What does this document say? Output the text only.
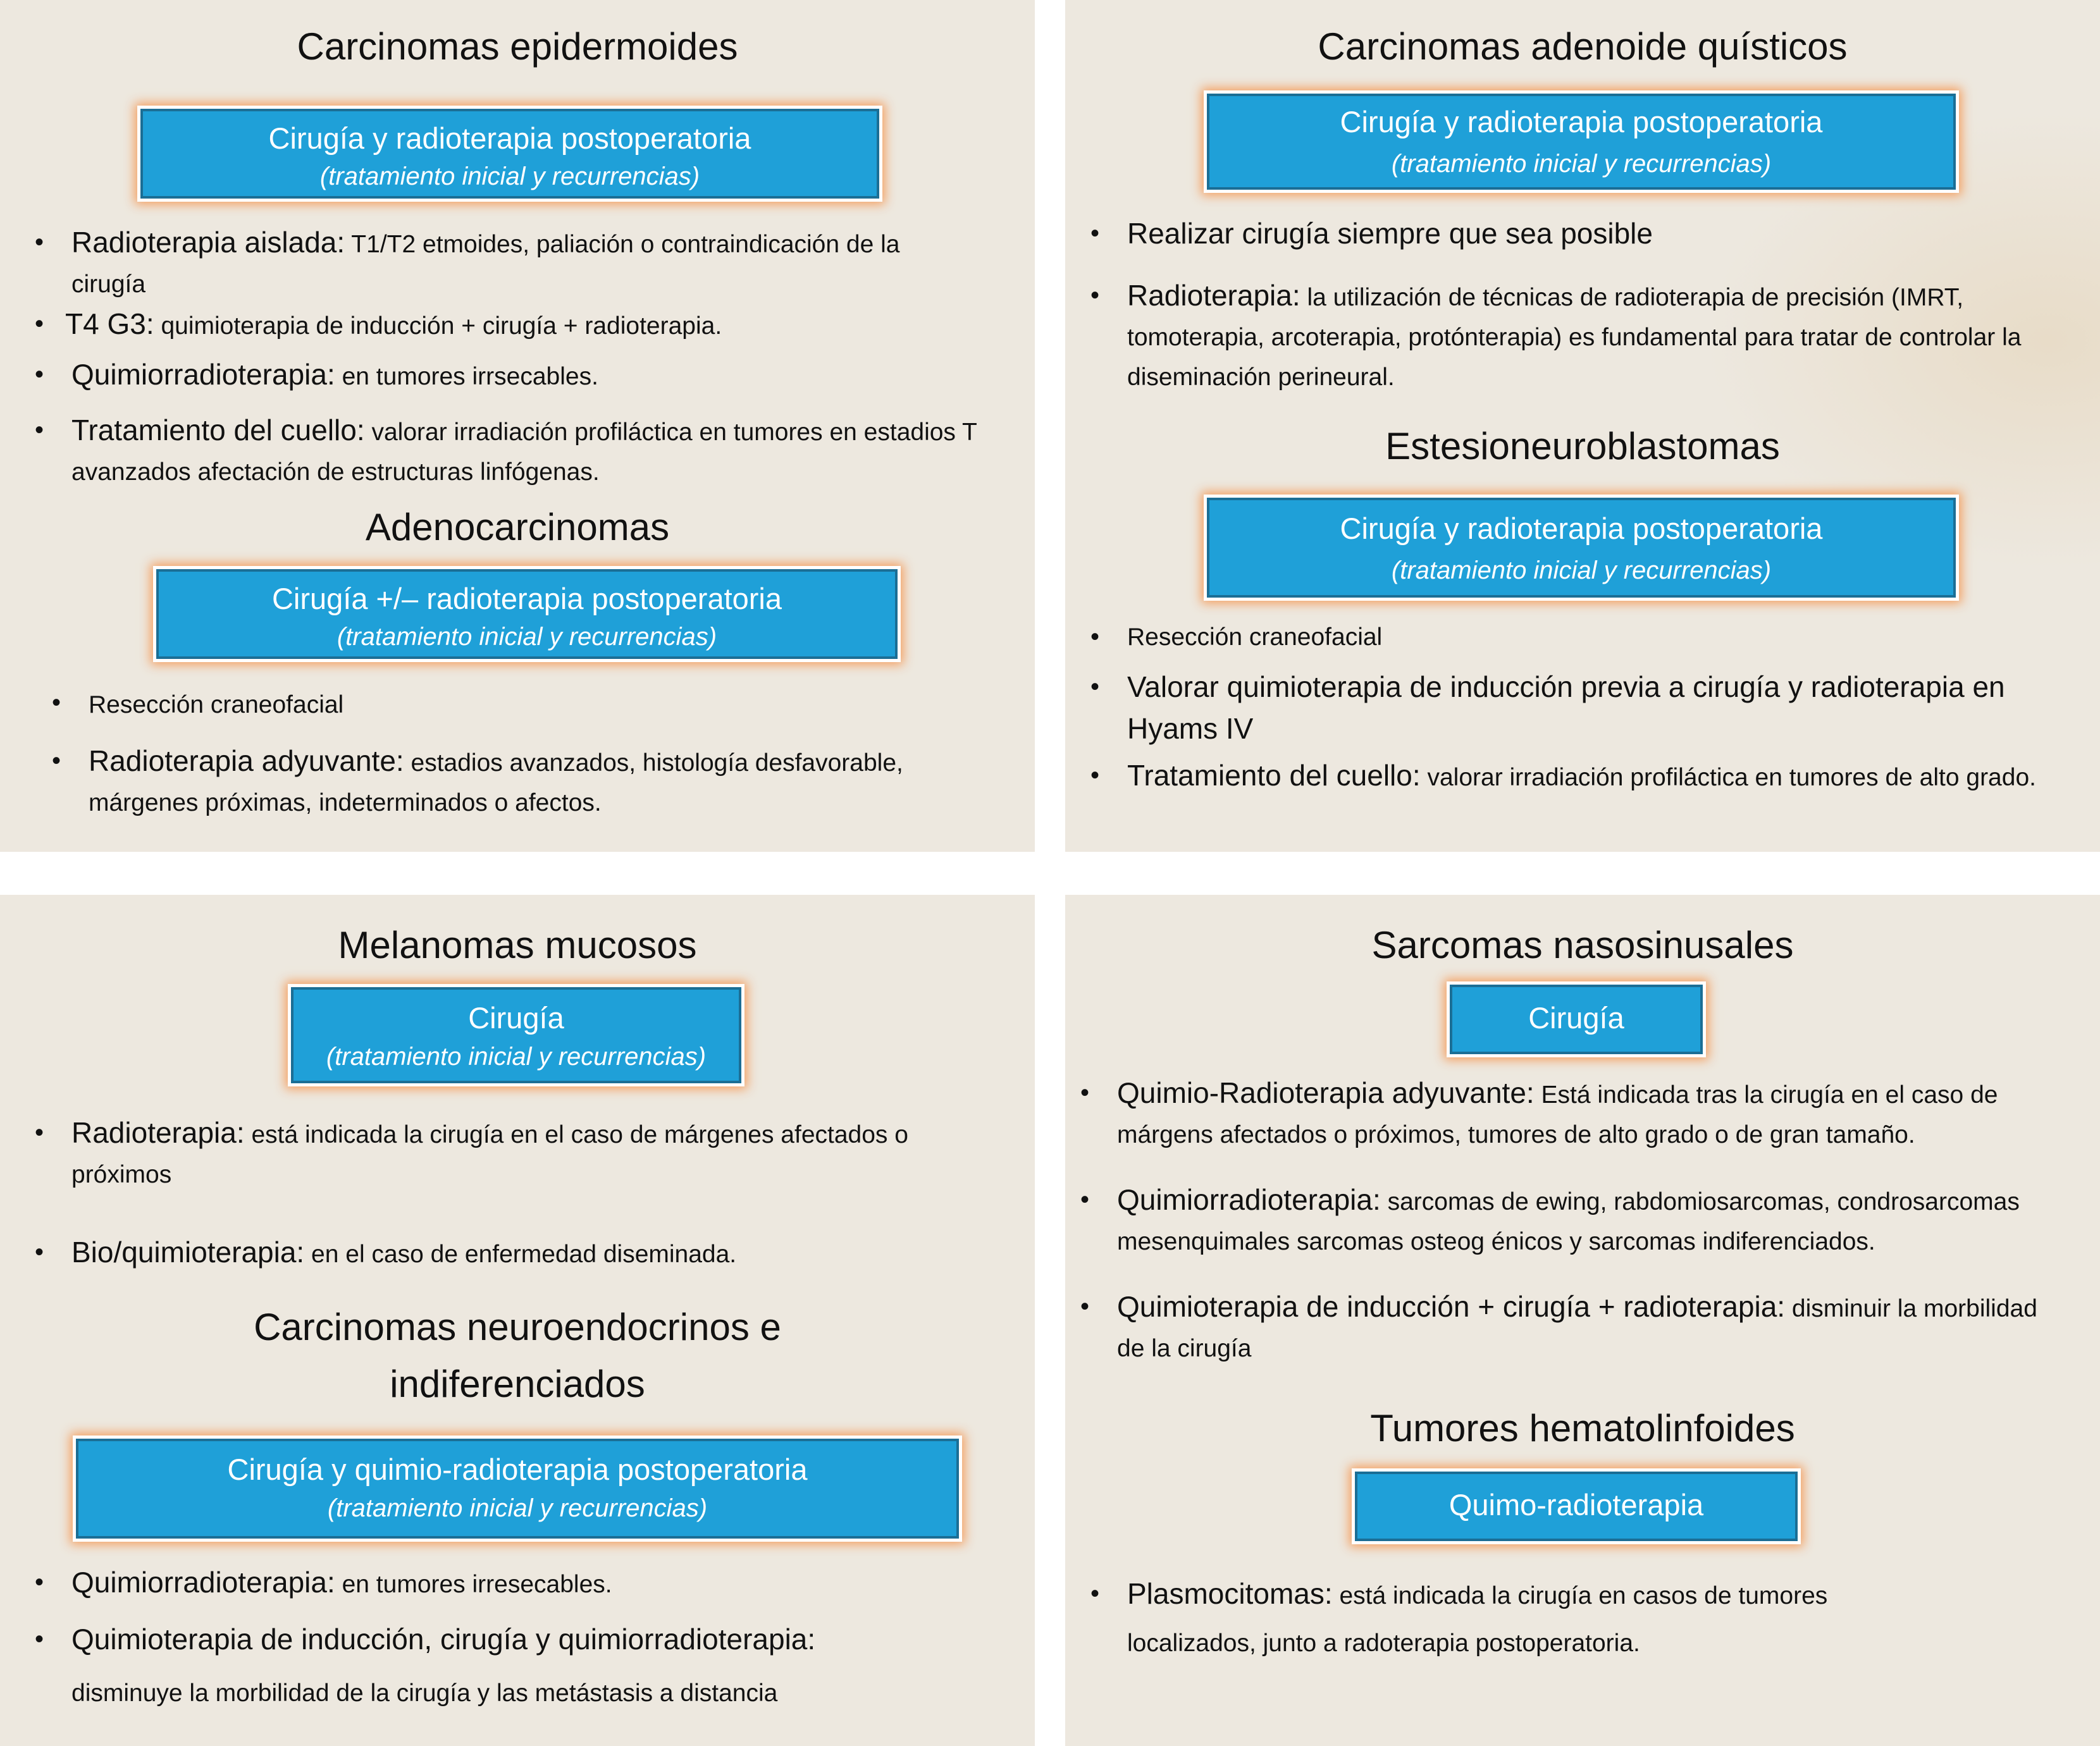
Carcinomas epidermoides
Cirugía y radioterapia postoperatoria
(tratamiento inicial y recurrencias)
• Radioterapia aislada: T1/T2 etmoides, paliación o contraindicación de la cirugía
• T4 G3: quimioterapia de inducción + cirugía + radioterapia.
• Quimiorradioterapia: en tumores irrsecables.
• Tratamiento del cuello: valorar irradiación profiláctica en tumores en estadios T avanzados afectación de estructuras linfógenas.
Adenocarcinomas
Cirugía +/– radioterapia postoperatoria
(tratamiento inicial y recurrencias)
• Resección craneofacial
• Radioterapia adyuvante: estadios avanzados, histología desfavorable, márgenes próximas, indeterminados o afectos.
Carcinomas adenoide quísticos
Cirugía y radioterapia postoperatoria
(tratamiento inicial y recurrencias)
• Realizar cirugía siempre que sea posible
• Radioterapia: la utilización de técnicas de radioterapia de precisión (IMRT, tomoterapia, arcoterapia, protónterapia) es fundamental para tratar de controlar la diseminación perineural.
Estesioneuroblastomas
Cirugía y radioterapia postoperatoria
(tratamiento inicial y recurrencias)
• Resección craneofacial
• Valorar quimioterapia de inducción previa a cirugía y radioterapia en Hyams IV
• Tratamiento del cuello: valorar irradiación profiláctica en tumores de alto grado.
Melanomas mucosos
Cirugía
(tratamiento inicial y recurrencias)
• Radioterapia: está indicada la cirugía en el caso de márgenes afectados o próximos
• Bio/quimioterapia: en el caso de enfermedad diseminada.
Carcinomas neuroendocrinos e
indiferenciados
Cirugía y quimio-radioterapia postoperatoria
(tratamiento inicial y recurrencias)
• Quimiorradioterapia: en tumores irresecables.
• Quimioterapia de inducción, cirugía y quimiorradioterapia: disminuye la morbilidad de la cirugía y las metástasis a distancia
Sarcomas nasosinusales
Cirugía
• Quimio-Radioterapia adyuvante: Está indicada tras la cirugía en el caso de márgens afectados o próximos, tumores de alto grado o de gran tamaño.
• Quimiorradioterapia: sarcomas de ewing, rabdomiosarcomas, condrosarcomas mesenquimales sarcomas osteog énicos y sarcomas indiferenciados.
• Quimioterapia de inducción + cirugía + radioterapia: disminuir la morbilidad de la cirugía
Tumores hematolinfoides
Quimo-radioterapia
• Plasmocitomas: está indicada la cirugía en casos de tumores localizados, junto a radoterapia postoperatoria.
